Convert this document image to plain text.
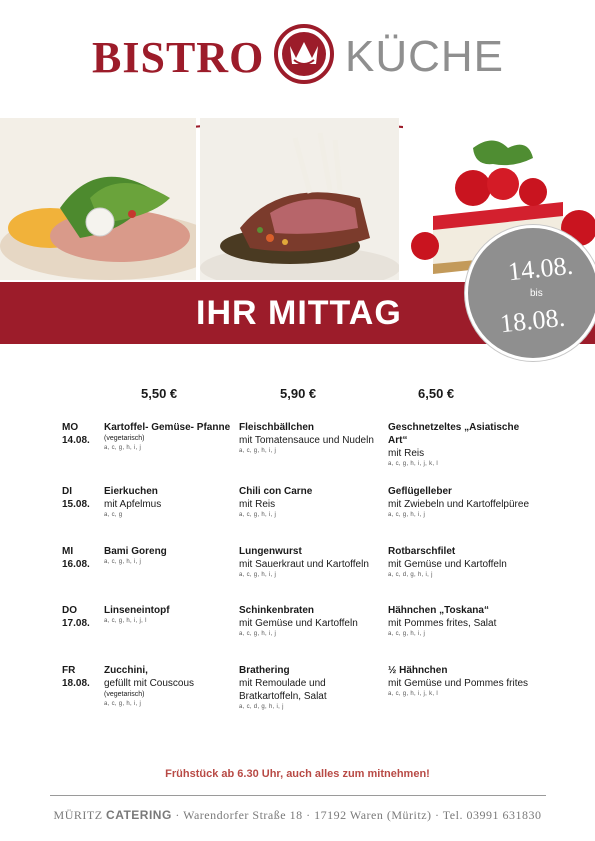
BISTRO KÜCHE
IHR MITTAG
14.08.
bis
18.08.
5,50 €	5,90 €	6,50 €
MO
14.08.
Kartoffel- Gemüse- Pfanne
(vegetarisch)
a, c, g, h, i, j
Fleischbällchen
mit Tomatensauce und Nudeln
a, c, g, h, i, j
Geschnetzeltes „Asiatische Art“
mit Reis
a, c, g, h, i, j, k, l
DI
15.08.
Eierkuchen
mit Apfelmus
a, c, g
Chili con Carne
mit Reis
a, c, g, h, i, j
Geflügelleber
mit Zwiebeln und Kartoffelpüree
a, c, g, h, i, j
MI
16.08.
Bami Goreng
a, c, g, h, i, j
Lungenwurst
mit Sauerkraut und Kartoffeln
a, c, g, h, i, j
Rotbarschfilet
mit Gemüse und Kartoffeln
a, c, d, g, h, i, j
DO
17.08.
Linseneintopf
a, c, g, h, i, j, l
Schinkenbraten
mit Gemüse und Kartoffeln
a, c, g, h, i, j
Hähnchen „Toskana“
mit Pommes frites, Salat
a, c, g, h, i, j
FR
18.08.
Zucchini,
gefüllt mit Couscous
(vegetarisch)
a, c, g, h, i, j
Brathering
mit Remoulade und Bratkartoffeln, Salat
a, c, d, g, h, i, j
½ Hähnchen
mit Gemüse und Pommes frites
a, c, g, h, i, j, k, l
Frühstück ab 6.30 Uhr, auch alles zum mitnehmen!
MÜRITZ CATERING · Warendorfer Straße 18 · 17192 Waren (Müritz) · Tel. 03991 631830
